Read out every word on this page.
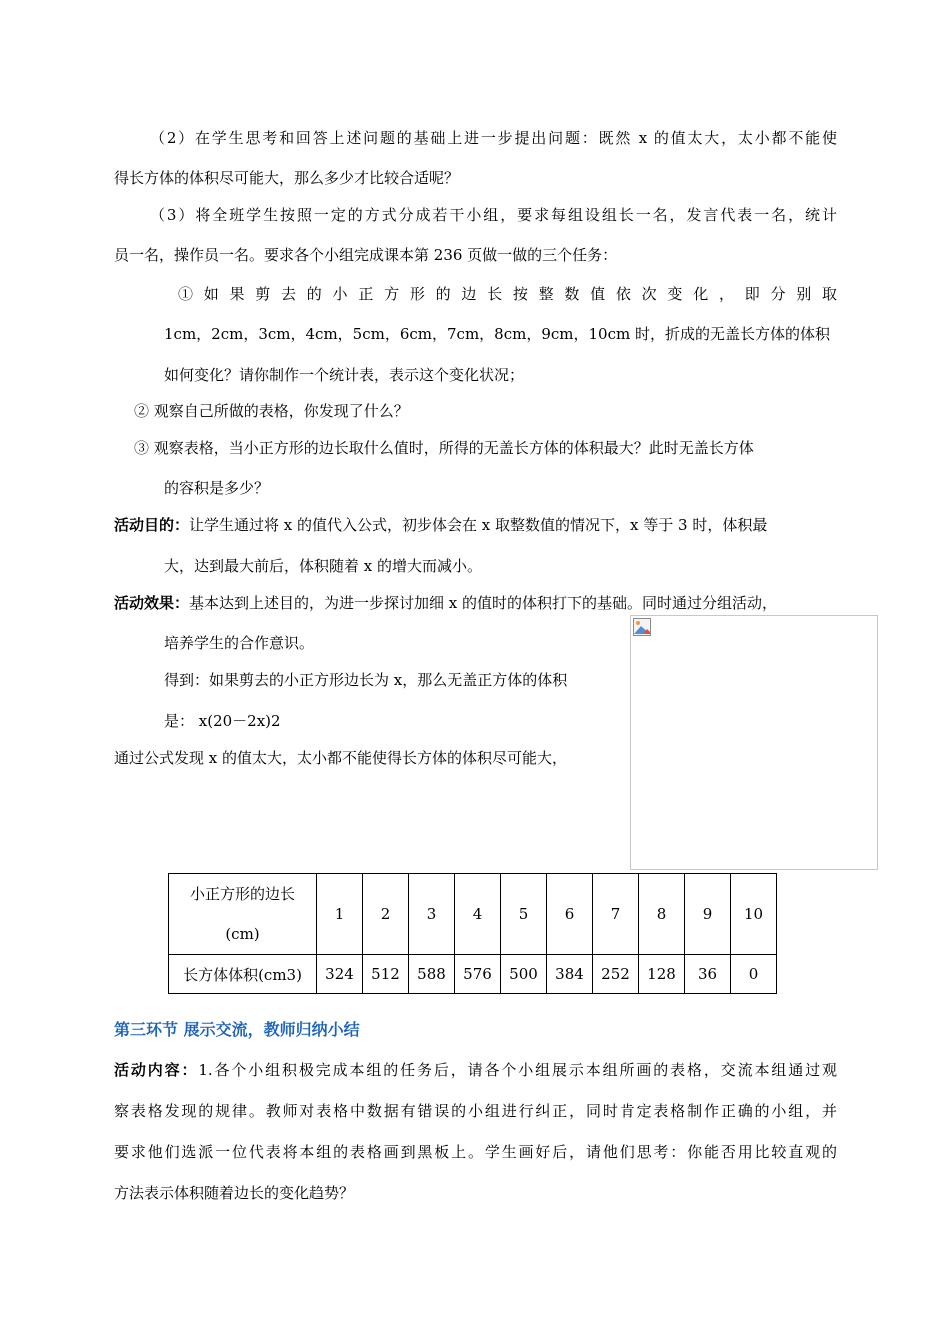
（2）在学生思考和回答上述问题的基础上进一步提出问题：既然 x 的值太大，太小都不能使
得长方体的体积尽可能大，那么多少才比较合适呢？
（3）将全班学生按照一定的方式分成若干小组，要求每组设组长一名，发言代表一名，统计
员一名，操作员一名。要求各个小组完成课本第 236 页做一做的三个任务：
① 如 果 剪 去 的 小 正 方 形 的 边 长 按 整 数 值 依 次 变 化 ， 即 分 别 取
1cm，2cm，3cm，4cm，5cm，6cm，7cm，8cm，9cm，10cm 时，折成的无盖长方体的体积
如何变化？请你制作一个统计表，表示这个变化状况；
② 观察自己所做的表格，你发现了什么？
③ 观察表格，当小正方形的边长取什么值时，所得的无盖长方体的体积最大？此时无盖长方体
的容积是多少？
活动目的：让学生通过将 x 的值代入公式，初步体会在 x 取整数值的情况下，x 等于 3 时，体积最
大，达到最大前后，体积随着 x 的增大而减小。
活动效果：基本达到上述目的，为进一步探讨加细 x 的值时的体积打下的基础。同时通过分组活动，
培养学生的合作意识。
得到：如果剪去的小正方形边长为 x，那么无盖正方体的体积
是： x(20－2x)2
通过公式发现 x 的值太大，太小都不能使得长方体的体积尽可能大，
小正方形的边长
(cm)	1	2	3	4	5	6	7	8	9	10
长方体体积(cm3)	324	512	588	576	500	384	252	128	36	0
第三环节 展示交流，教师归纳小结
活动内容：1.各个小组积极完成本组的任务后，请各个小组展示本组所画的表格，交流本组通过观
察表格发现的规律。教师对表格中数据有错误的小组进行纠正，同时肯定表格制作正确的小组，并
要求他们选派一位代表将本组的表格画到黑板上。学生画好后，请他们思考：你能否用比较直观的
方法表示体积随着边长的变化趋势？
